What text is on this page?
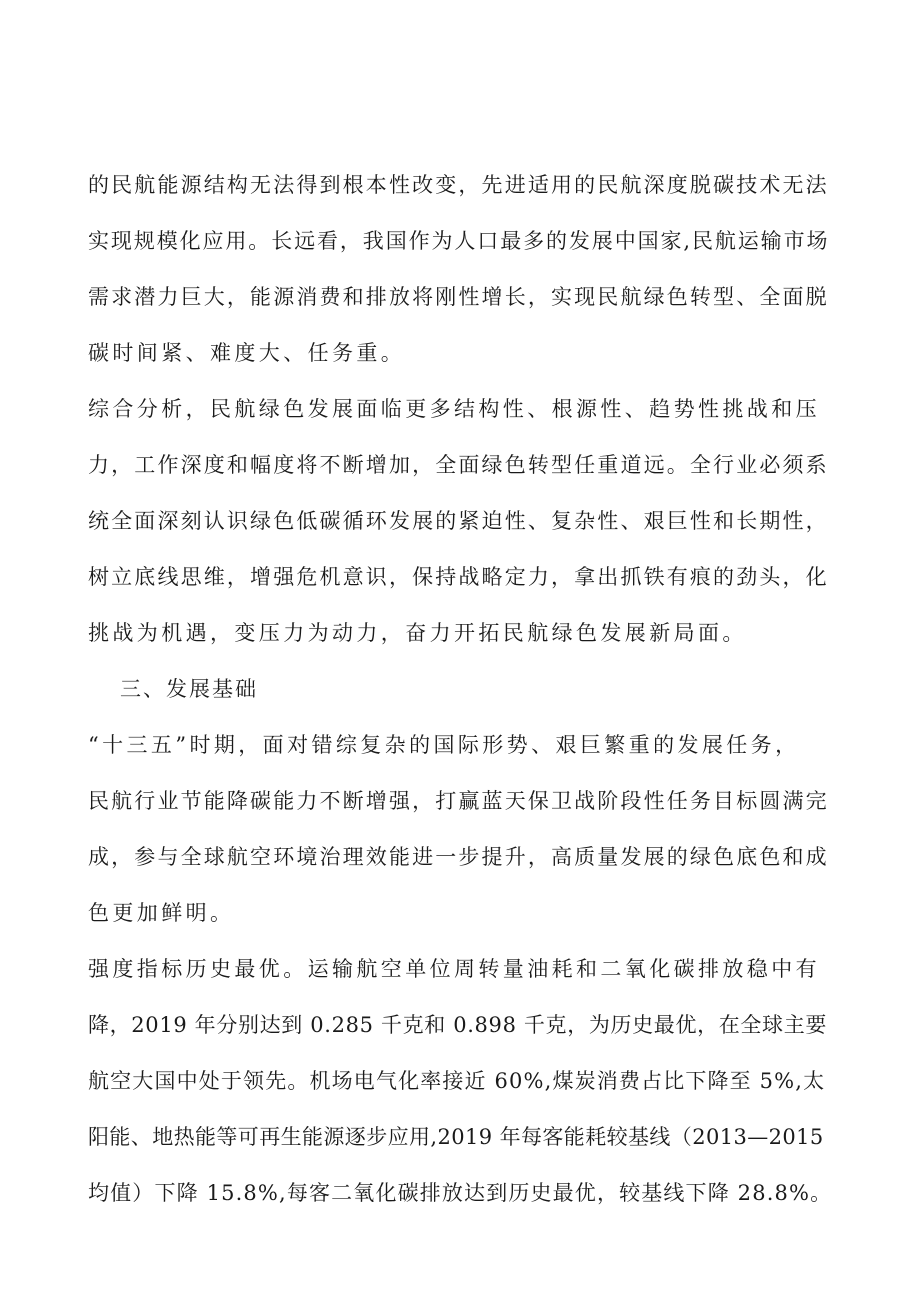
的民航能源结构无法得到根本性改变，先进适用的民航深度脱碳技术无法

实现规模化应用。长远看，我国作为人口最多的发展中国家,民航运输市场

需求潜力巨大，能源消费和排放将刚性增长，实现民航绿色转型、全面脱

碳时间紧、难度大、任务重。

综合分析，民航绿色发展面临更多结构性、根源性、趋势性挑战和压

力，工作深度和幅度将不断增加，全面绿色转型任重道远。全行业必须系

统全面深刻认识绿色低碳循环发展的紧迫性、复杂性、艰巨性和长期性，

树立底线思维，增强危机意识，保持战略定力，拿出抓铁有痕的劲头，化

挑战为机遇，变压力为动力，奋力开拓民航绿色发展新局面。

三、发展基础

“十三五”时期，面对错综复杂的国际形势、艰巨繁重的发展任务，

民航行业节能降碳能力不断增强，打赢蓝天保卫战阶段性任务目标圆满完

成，参与全球航空环境治理效能进一步提升，高质量发展的绿色底色和成

色更加鲜明。

强度指标历史最优。运输航空单位周转量油耗和二氧化碳排放稳中有

降，2019 年分别达到 0.285 千克和 0.898 千克，为历史最优，在全球主要

航空大国中处于领先。机场电气化率接近 60%,煤炭消费占比下降至 5%,太

阳能、地热能等可再生能源逐步应用,2019 年每客能耗较基线（2013—2015

均值）下降 15.8%,每客二氧化碳排放达到历史最优，较基线下降 28.8%。
